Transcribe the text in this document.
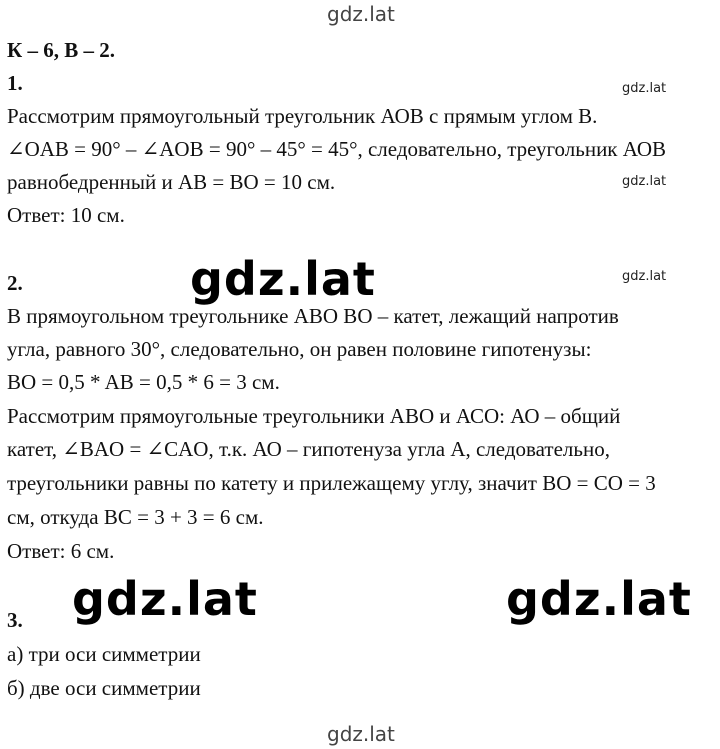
gdz.lat
gdz.lat
gdz.lat
gdz.lat
gdz.lat
gdz.lat	gdz.lat
gdz.lat
К – 6, В – 2.
1.
Рассмотрим прямоугольный треугольник АОВ с прямым углом В.
∠OAB = 90° – ∠AOB = 90° – 45° = 45°, следовательно, треугольник АОВ
равнобедренный и AB = BO = 10 см.
Ответ: 10 см.
2.
В прямоугольном треугольнике АВО ВО – катет, лежащий напротив
угла, равного 30°, следовательно, он равен половине гипотенузы:
BO = 0,5 * AB = 0,5 * 6 = 3 см.
Рассмотрим прямоугольные треугольники АВО и АСО: АО – общий
катет, ∠BAO = ∠CAO, т.к. АО – гипотенуза угла А, следовательно,
треугольники равны по катету и прилежащему углу, значит ВО = СО = 3
см, откуда ВС = 3 + 3 = 6 см.
Ответ: 6 см.
3.
а) три оси симметрии
б) две оси симметрии
